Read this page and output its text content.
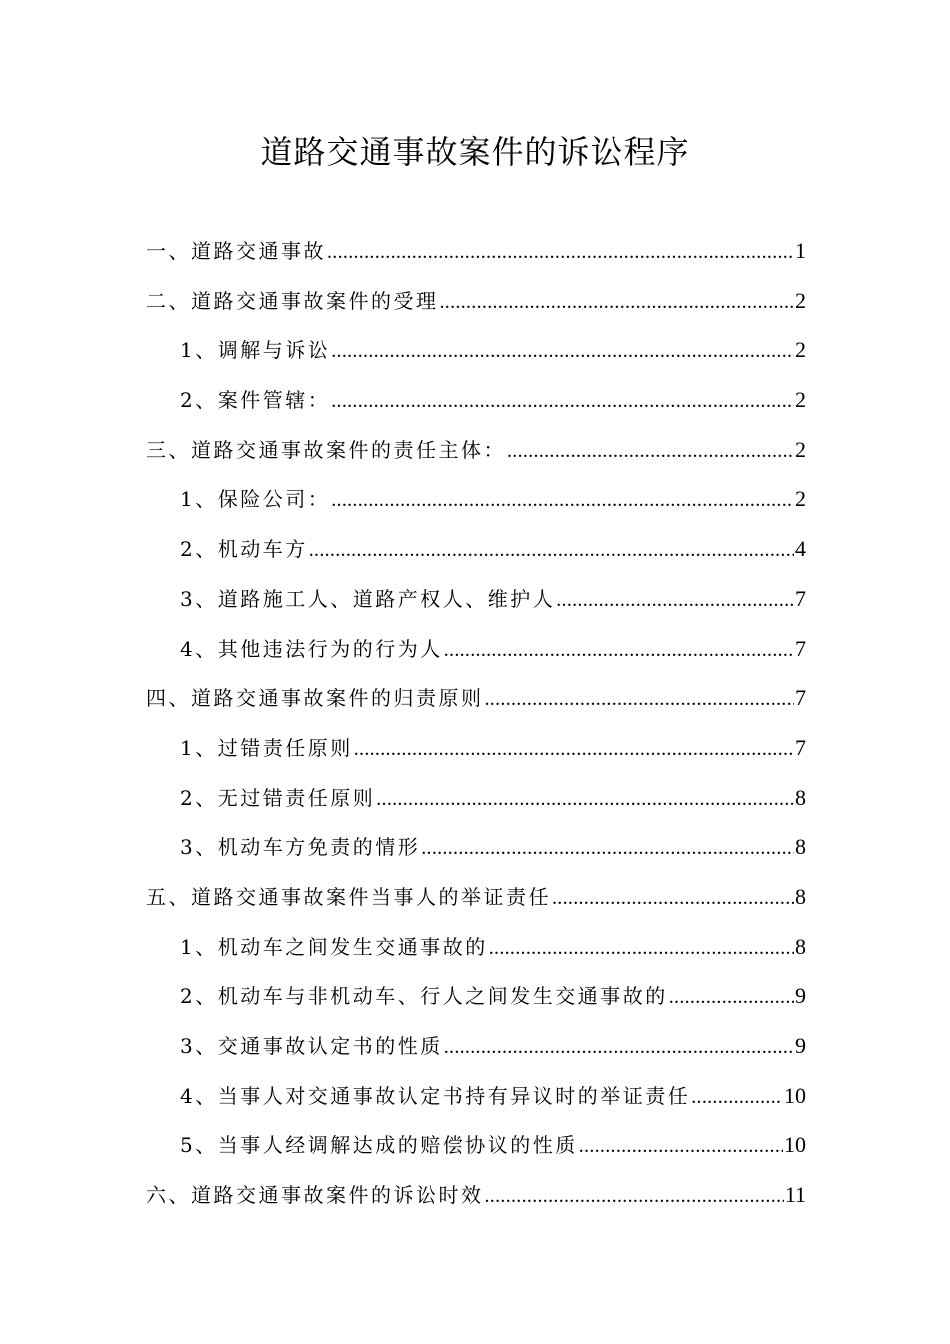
道路交通事故案件的诉讼程序
一、道路交通事故 .....	1
二、道路交通事故案件的受理 .....	2
1、调解与诉讼 .....	2
2、案件管辖： .....	2
三、道路交通事故案件的责任主体： .....	2
1、保险公司： .....	2
2、机动车方 .....	4
3、道路施工人、道路产权人、维护人 .....	7
4、其他违法行为的行为人 .....	7
四、道路交通事故案件的归责原则 .....	7
1、过错责任原则 .....	7
2、无过错责任原则 .....	8
3、机动车方免责的情形 .....	8
五、道路交通事故案件当事人的举证责任 .....	8
1、机动车之间发生交通事故的 .....	8
2、机动车与非机动车、行人之间发生交通事故的 .....	9
3、交通事故认定书的性质 .....	9
4、当事人对交通事故认定书持有异议时的举证责任 .....	10
5、当事人经调解达成的赔偿协议的性质 .....	10
六、道路交通事故案件的诉讼时效 .....	11
